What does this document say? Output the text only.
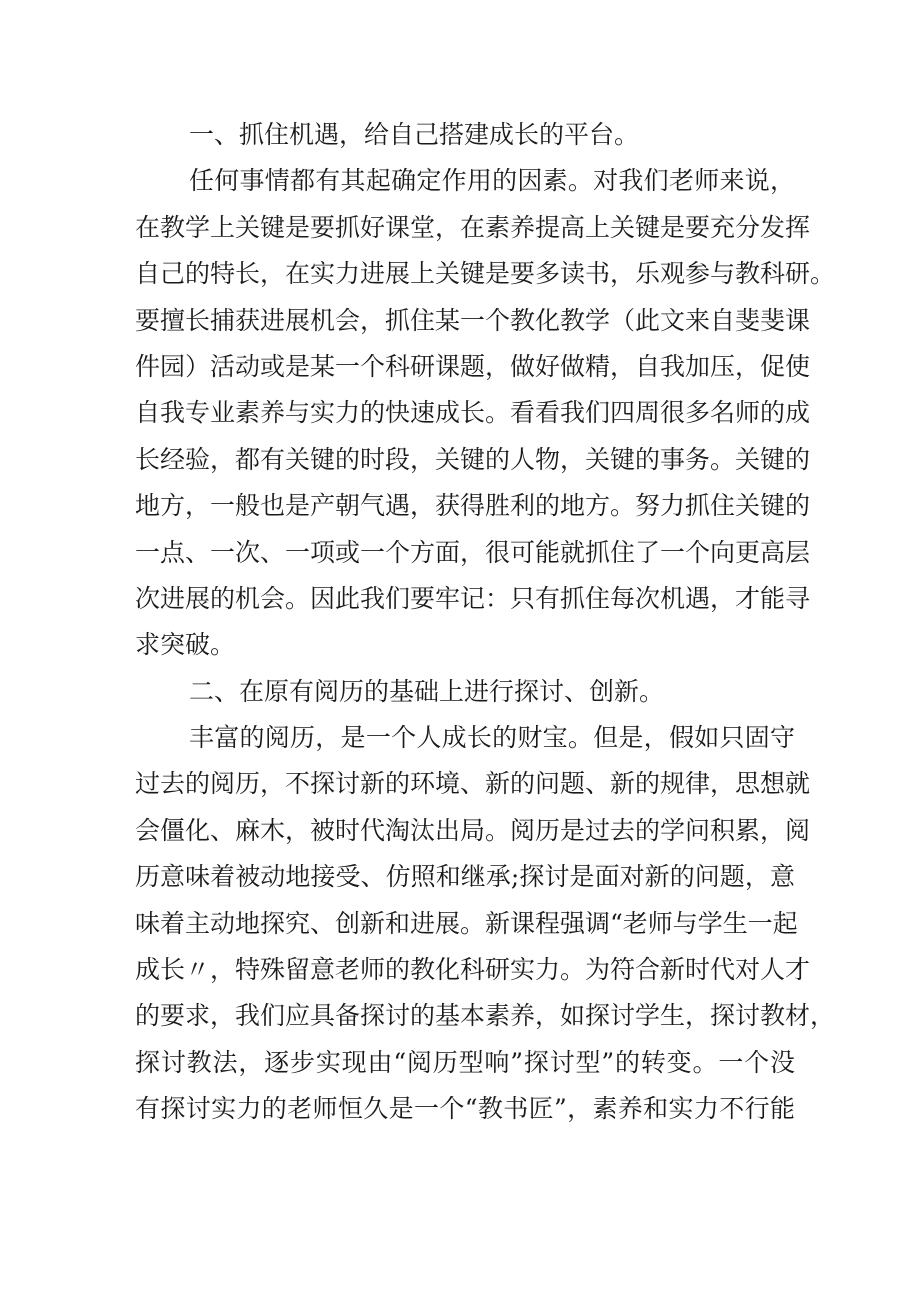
一、抓住机遇，给自己搭建成长的平台。
任何事情都有其起确定作用的因素。对我们老师来说，
在教学上关键是要抓好课堂，在素养提高上关键是要充分发挥
自己的特长，在实力进展上关键是要多读书，乐观参与教科研。
要擅长捕获进展机会，抓住某一个教化教学（此文来自斐斐课
件园）活动或是某一个科研课题，做好做精，自我加压，促使
自我专业素养与实力的快速成长。看看我们四周很多名师的成
长经验，都有关键的时段，关键的人物，关键的事务。关键的
地方，一般也是产朝气遇，获得胜利的地方。努力抓住关键的
一点、一次、一项或一个方面，很可能就抓住了一个向更高层
次进展的机会。因此我们要牢记：只有抓住每次机遇，才能寻
求突破。
二、在原有阅历的基础上进行探讨、创新。
丰富的阅历，是一个人成长的财宝。但是，假如只固守
过去的阅历，不探讨新的环境、新的问题、新的规律，思想就
会僵化、麻木，被时代淘汰出局。阅历是过去的学问积累，阅
历意味着被动地接受、仿照和继承;探讨是面对新的问题，意
味着主动地探究、创新和进展。新课程强调“老师与学生一起
成长〃，特殊留意老师的教化科研实力。为符合新时代对人才
的要求，我们应具备探讨的基本素养，如探讨学生，探讨教材，
探讨教法，逐步实现由“阅历型响”探讨型”的转变。一个没
有探讨实力的老师恒久是一个“教书匠”，素养和实力不行能
